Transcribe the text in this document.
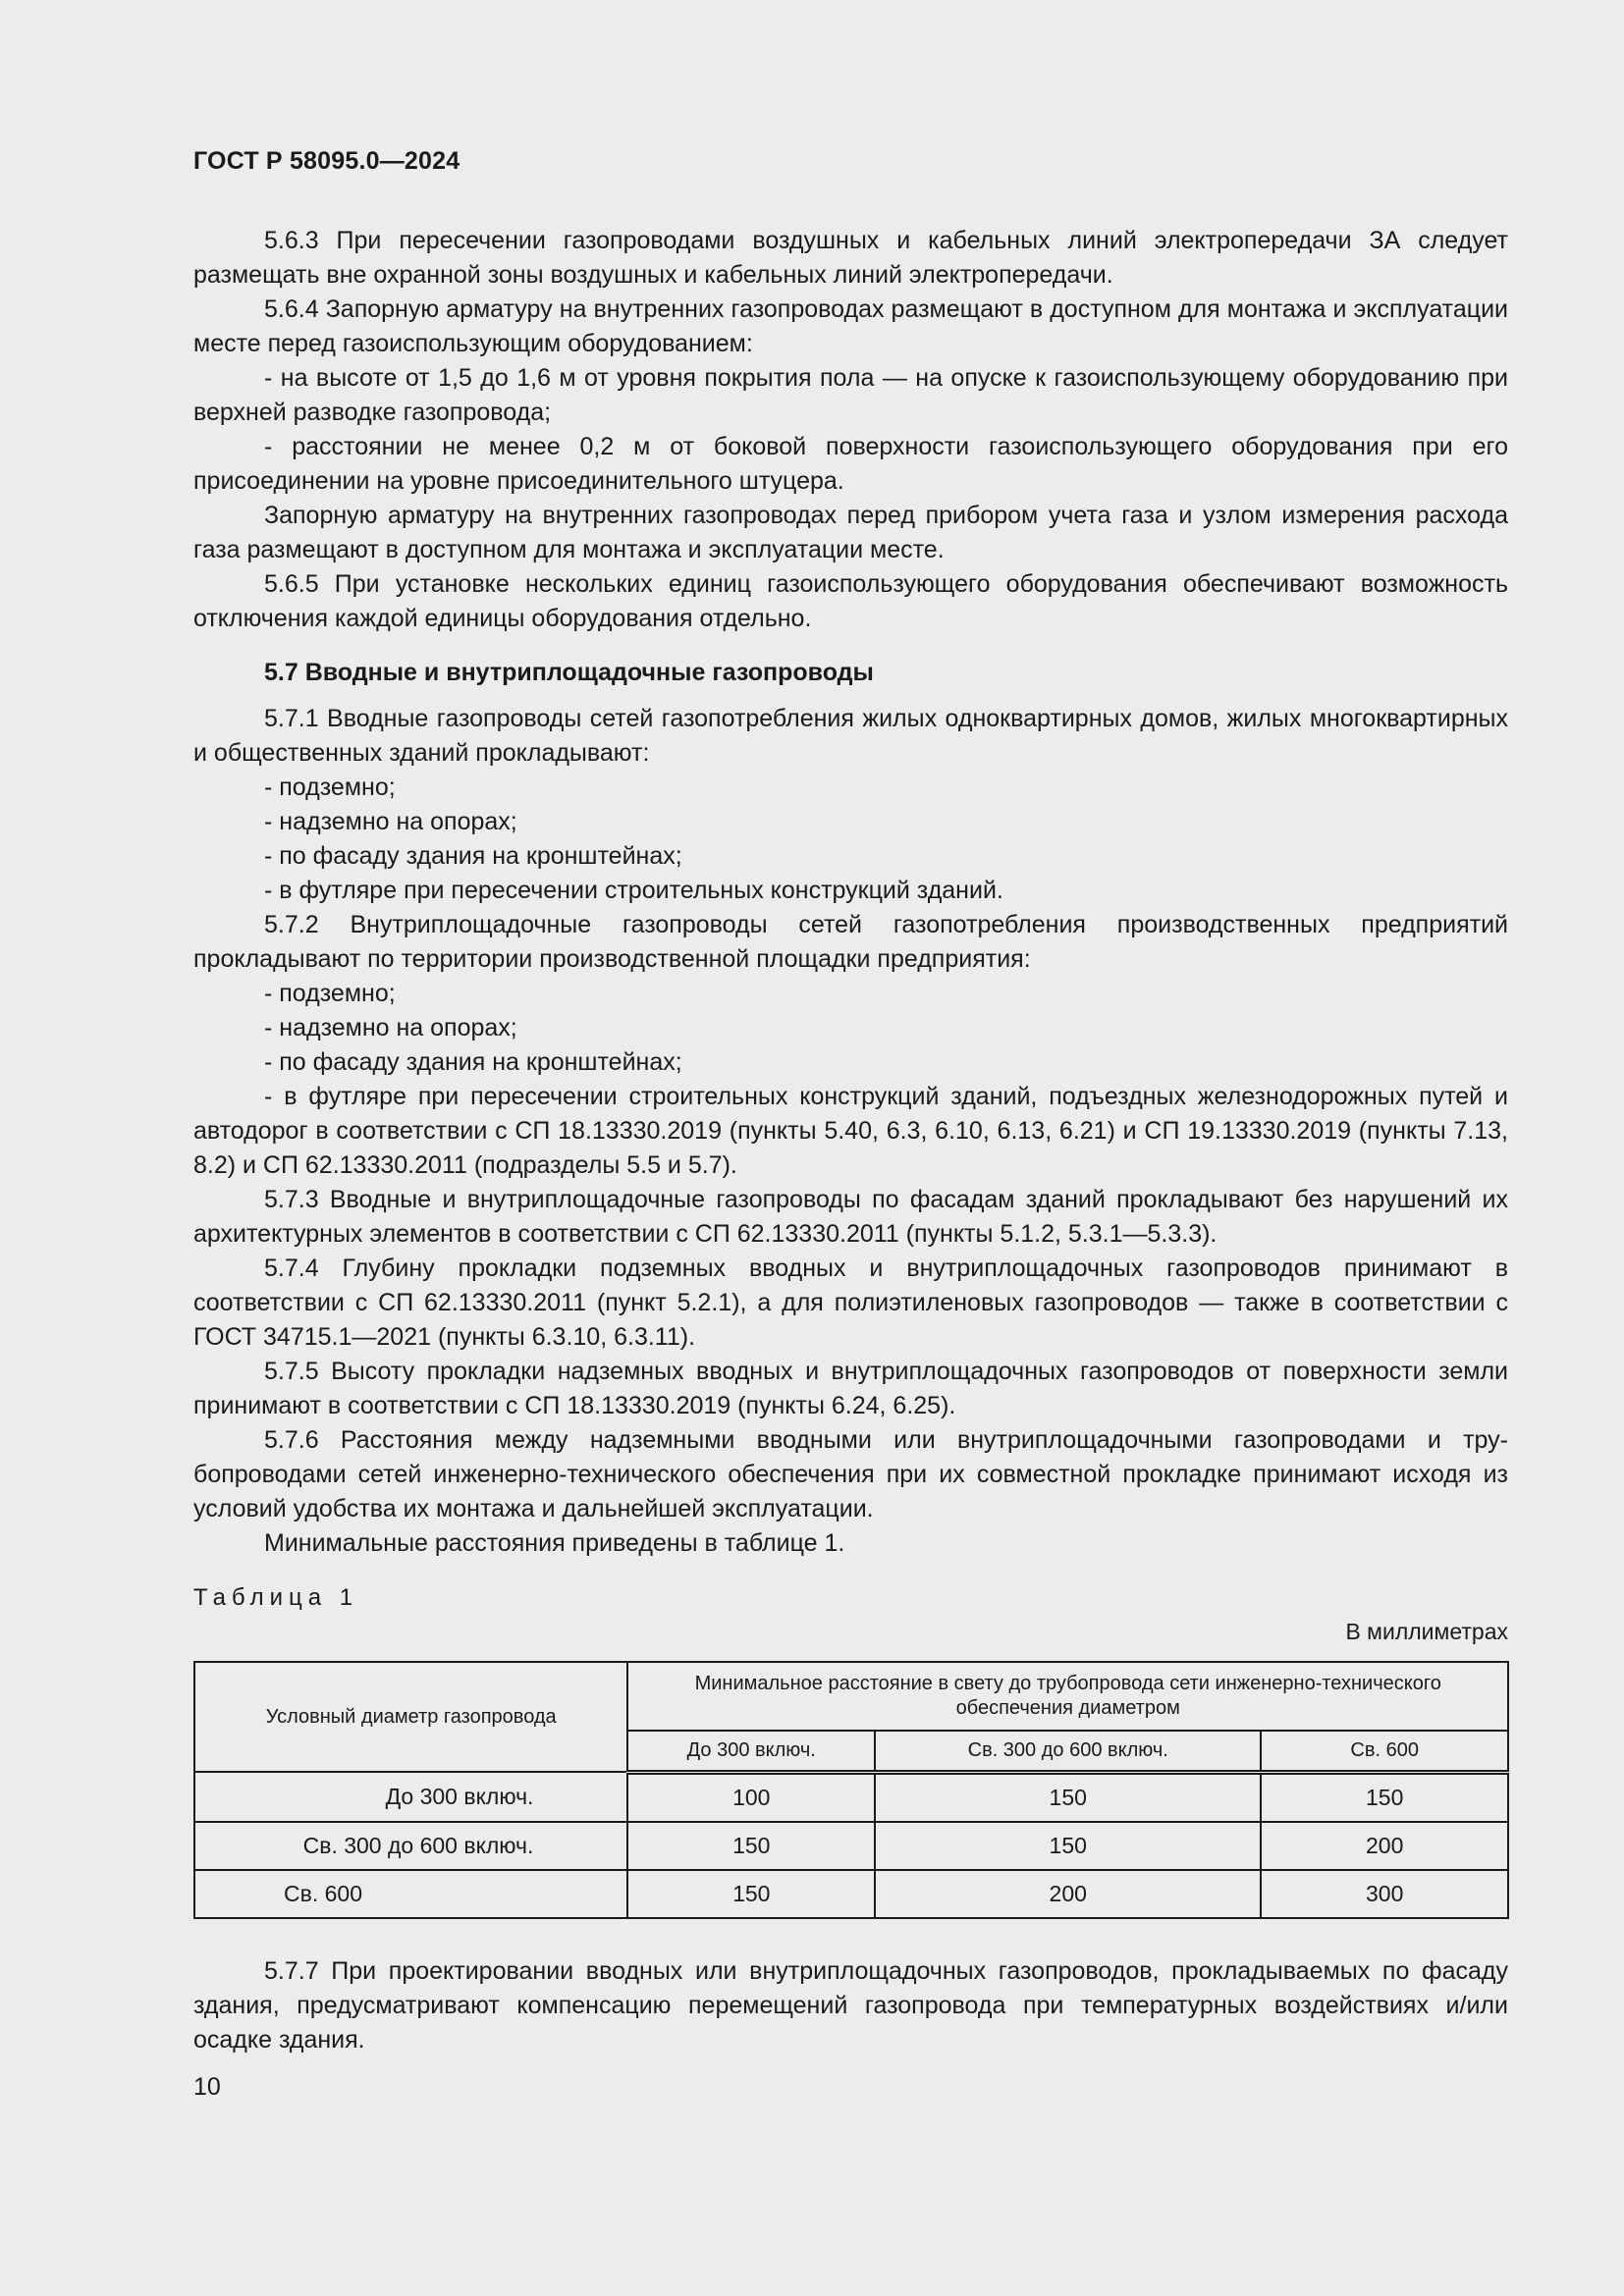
ГОСТ Р 58095.0—2024

5.6.3 При пересечении газопроводами воздушных и кабельных линий электропередачи ЗА следует размещать вне охранной зоны воздушных и кабельных линий электропередачи.

5.6.4 Запорную арматуру на внутренних газопроводах размещают в доступном для монтажа и эксплуатации месте перед газоиспользующим оборудованием:

- на высоте от 1,5 до 1,6 м от уровня покрытия пола — на опуске к газоиспользующему оборудованию при верхней разводке газопровода;

- расстоянии не менее 0,2 м от боковой поверхности газоиспользующего оборудования при его присоединении на уровне присоединительного штуцера.

Запорную арматуру на внутренних газопроводах перед прибором учета газа и узлом измерения расхода газа размещают в доступном для монтажа и эксплуатации месте.

5.6.5 При установке нескольких единиц газоиспользующего оборудования обеспечивают возможность отключения каждой единицы оборудования отдельно.

5.7 Вводные и внутриплощадочные газопроводы

5.7.1 Вводные газопроводы сетей газопотребления жилых одноквартирных домов, жилых многоквартирных и общественных зданий прокладывают:

- подземно;

- надземно на опорах;

- по фасаду здания на кронштейнах;

- в футляре при пересечении строительных конструкций зданий.

5.7.2 Внутриплощадочные газопроводы сетей газопотребления производственных предприятий прокладывают по территории производственной площадки предприятия:

- подземно;

- надземно на опорах;

- по фасаду здания на кронштейнах;

- в футляре при пересечении строительных конструкций зданий, подъездных железнодорожных путей и автодорог в соответствии с СП 18.13330.2019 (пункты 5.40, 6.3, 6.10, 6.13, 6.21) и СП 19.13330.2019 (пункты 7.13, 8.2) и СП 62.13330.2011 (подразделы 5.5 и 5.7).

5.7.3 Вводные и внутриплощадочные газопроводы по фасадам зданий прокладывают без нарушений их архитектурных элементов в соответствии с СП 62.13330.2011 (пункты 5.1.2, 5.3.1—5.3.3).

5.7.4 Глубину прокладки подземных вводных и внутриплощадочных газопроводов принимают в соответствии с СП 62.13330.2011 (пункт 5.2.1), а для полиэтиленовых газопроводов — также в соответствии с ГОСТ 34715.1—2021 (пункты 6.3.10, 6.3.11).

5.7.5 Высоту прокладки надземных вводных и внутриплощадочных газопроводов от поверхности земли принимают в соответствии с СП 18.13330.2019 (пункты 6.24, 6.25).

5.7.6 Расстояния между надземными вводными или внутриплощадочными газопроводами и трубопроводами сетей инженерно-технического обеспечения при их совместной прокладке принимают исходя из условий удобства их монтажа и дальнейшей эксплуатации.

Минимальные расстояния приведены в таблице 1.

Таблица 1
В миллиметрах
Условный диаметр газопровода	Минимальное расстояние в свету до трубопровода сети инженерно-технического обеспечения диаметром		
	До 300 включ.	Св. 300 до 600 включ.	Св. 600
До 300 включ.	100	150	150
Св. 300 до 600 включ.	150	150	200
Св. 600	150	200	300

5.7.7 При проектировании вводных или внутриплощадочных газопроводов, прокладываемых по фасаду здания, предусматривают компенсацию перемещений газопровода при температурных воздействиях и/или осадке здания.

10
